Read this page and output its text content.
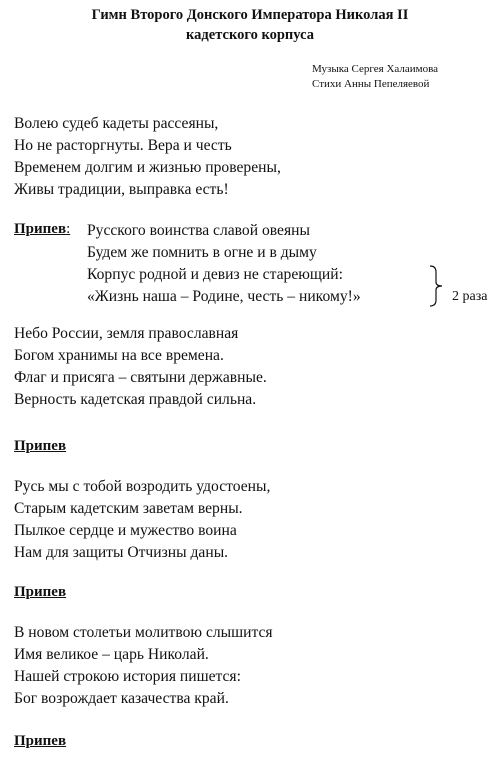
Гимн Второго Донского Императора Николая II
кадетского корпуса
Музыка Сергея Халаимова
Стихи Анны Пепеляевой
Волею судеб кадеты рассеяны,
Но не расторгнуты. Вера и честь
Временем долгим и жизнью проверены,
Живы традиции, выправка есть!
Припев: Русского воинства славой овеяны
Будем же помнить в огне и в дыму
Корпус родной и девиз не стареющий:
«Жизнь наша – Родине, честь – никому!»	2 раза
Небо России, земля православная
Богом хранимы на все времена.
Флаг и присяга – святыни державные.
Верность кадетская правдой сильна.
Припев
Русь мы с тобой возродить удостоены,
Старым кадетским заветам верны.
Пылкое сердце и мужество воина
Нам для защиты Отчизны даны.
Припев
В новом столетьи молитвою слышится
Имя великое – царь Николай.
Нашей строкою история пишется:
Бог возрождает казачества край.
Припев
